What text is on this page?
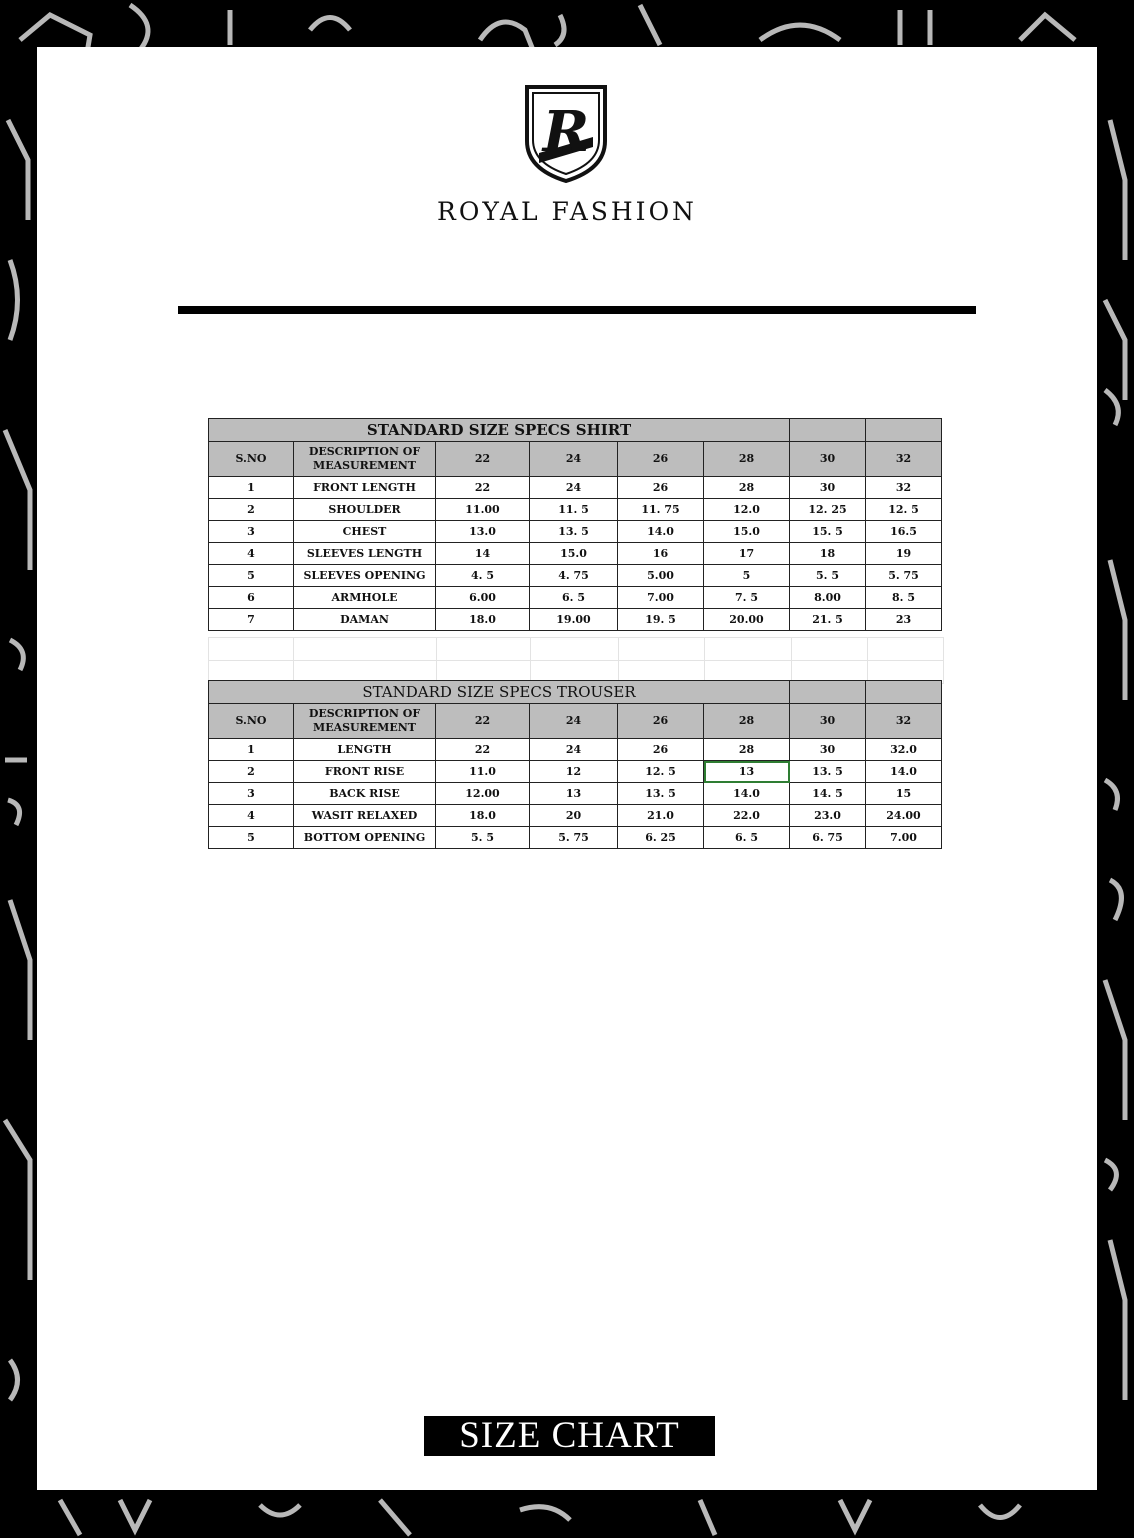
R
ROYAL FASHION
STANDARD SIZE SPECS SHIRT							
S.NO	DESCRIPTION OF
MEASUREMENT	22	24	26	28	30	32
1	FRONT LENGTH	22	24	26	28	30	32
2	SHOULDER	11.00	11. 5	11. 75	12.0	12. 25	12. 5
3	CHEST	13.0	13. 5	14.0	15.0	15. 5	16.5
4	SLEEVES LENGTH	14	15.0	16	17	18	19
5	SLEEVES OPENING	4. 5	4. 75	5.00	5	5. 5	5. 75
6	ARMHOLE	6.00	6. 5	7.00	7. 5	8.00	8. 5
7	DAMAN	18.0	19.00	19. 5	20.00	21. 5	23

STANDARD SIZE SPECS TROUSER							
S.NO	DESCRIPTION OF
MEASUREMENT	22	24	26	28	30	32
1	LENGTH	22	24	26	28	30	32.0
2	FRONT RISE	11.0	12	12. 5	13	13. 5	14.0
3	BACK RISE	12.00	13	13. 5	14.0	14. 5	15
4	WASIT RELAXED	18.0	20	21.0	22.0	23.0	24.00
5	BOTTOM OPENING	5. 5	5. 75	6. 25	6. 5	6. 75	7.00
SIZE CHART
